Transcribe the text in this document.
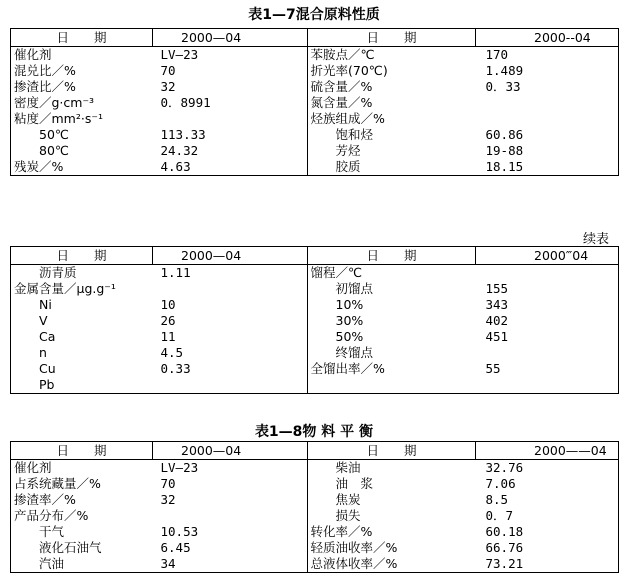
表1—7混合原料性质
日　　期	2000—04	日　　期	2000--04
催化剂	LV—23	苯胺点／℃	170
混兑比／%	70	折光率(70℃)	1.489
掺渣比／%	32	硫含量／%	0．33
密度／g·cm⁻³	0．8991	氮含量／%	
粘度／mm²·s⁻¹		烃族组成／%	
　　50℃	113.33	　　饱和烃	60.86
　　80℃	24.32	　　芳烃	19-88
残炭／%	4.63	　　胶质	18.15
续表
日　　期	2000—04	日　　期	2000‴04
　　沥青质	1.11	馏程／℃	
金属含量／μg.g⁻¹		　　初馏点	155
　　Ni	10	　　10%	343
　　V	26	　　30%	402
　　Ca	11	　　50%	451
　　n	4.5	　　终馏点	
　　Cu	0.33	全馏出率／%	55
　　Pb			
表1—8物 料 平 衡
日　　期	2000—04	日　　期	2000——04
催化剂	LV—23	　　柴油	32.76
占系统藏量／%	70	　　油　浆	7.06
掺渣率／%	32	　　焦炭	8.5
产品分布／%		　　损失	0．7
　　干气	10.53	转化率／%	60.18
　　液化石油气	6.45	轻质油收率／%	66.76
　　汽油	34	总液体收率／%	73.21
